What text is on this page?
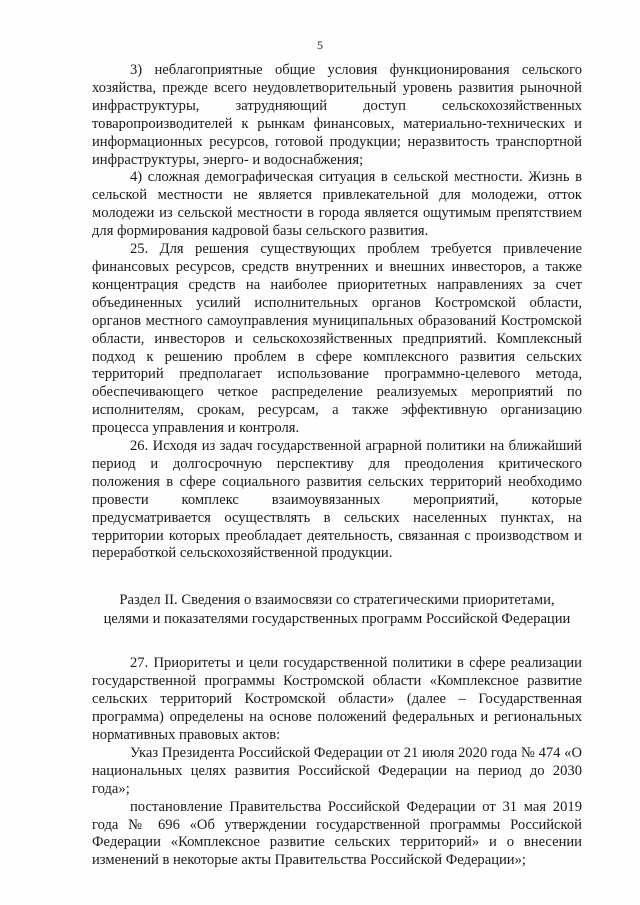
5

3) неблагоприятные общие условия функционирования сельского хозяйства, прежде всего неудовлетворительный уровень развития рыночной инфраструктуры, затрудняющий доступ сельскохозяйственных товаропроизводителей к рынкам финансовых, материально-технических и информационных ресурсов, готовой продукции; неразвитость транспортной инфраструктуры, энерго- и водоснабжения;

4) сложная демографическая ситуация в сельской местности. Жизнь в сельской местности не является привлекательной для молодежи, отток молодежи из сельской местности в города является ощутимым препятствием для формирования кадровой базы сельского развития.

25. Для решения существующих проблем требуется привлечение финансовых ресурсов, средств внутренних и внешних инвесторов, а также концентрация средств на наиболее приоритетных направлениях за счет объединенных усилий исполнительных органов Костромской области, органов местного самоуправления муниципальных образований Костромской области, инвесторов и сельскохозяйственных предприятий. Комплексный подход к решению проблем в сфере комплексного развития сельских территорий предполагает использование программно-целевого метода, обеспечивающего четкое распределение реализуемых мероприятий по исполнителям, срокам, ресурсам, а также эффективную организацию процесса управления и контроля.

26. Исходя из задач государственной аграрной политики на ближайший период и долгосрочную перспективу для преодоления критического положения в сфере социального развития сельских территорий необходимо провести комплекс взаимоувязанных мероприятий, которые предусматривается осуществлять в сельских населенных пунктах, на территории которых преобладает деятельность, связанная с производством и переработкой сельскохозяйственной продукции.

Раздел II. Сведения о взаимосвязи со стратегическими приоритетами,

целями и показателями государственных программ Российской Федерации

27. Приоритеты и цели государственной политики в сфере реализации государственной программы Костромской области «Комплексное развитие сельских территорий Костромской области» (далее – Государственная программа) определены на основе положений федеральных и региональных нормативных правовых актов:

Указ Президента Российской Федерации от 21 июля 2020 года № 474 «О национальных целях развития Российской Федерации на период до 2030 года»;

постановление Правительства Российской Федерации от 31 мая 2019 года № 696 «Об утверждении государственной программы Российской Федерации «Комплексное развитие сельских территорий» и о внесении изменений в некоторые акты Правительства Российской Федерации»;
